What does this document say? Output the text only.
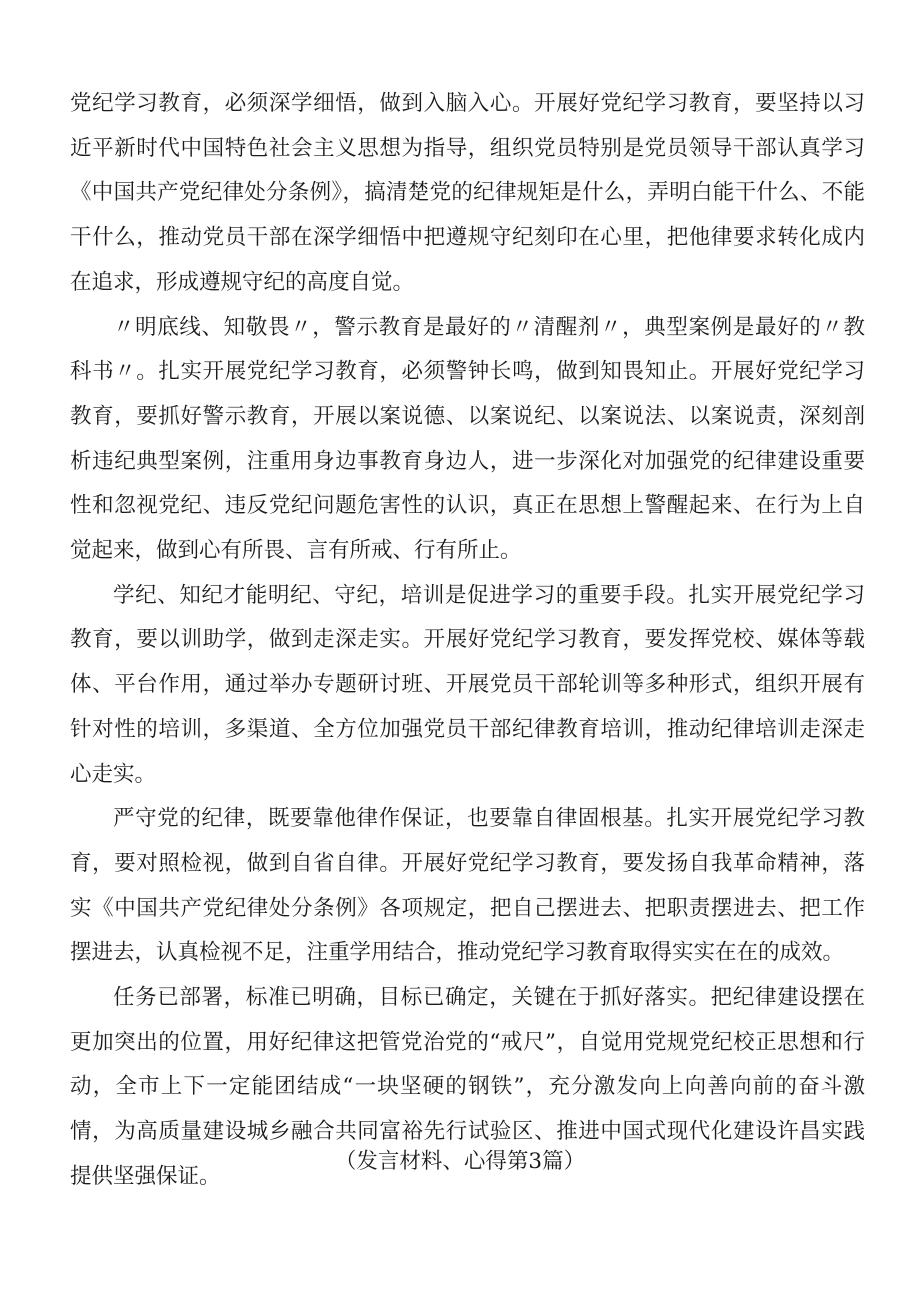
党纪学习教育，必须深学细悟，做到入脑入心。开展好党纪学习教育，要坚持以习近平新时代中国特色社会主义思想为指导，组织党员特别是党员领导干部认真学习《中国共产党纪律处分条例》，搞清楚党的纪律规矩是什么，弄明白能干什么、不能干什么，推动党员干部在深学细悟中把遵规守纪刻印在心里，把他律要求转化成内在追求，形成遵规守纪的高度自觉。

〃明底线、知敬畏〃，警示教育是最好的〃清醒剂〃，典型案例是最好的〃教科书〃。扎实开展党纪学习教育，必须警钟长鸣，做到知畏知止。开展好党纪学习教育，要抓好警示教育，开展以案说德、以案说纪、以案说法、以案说责，深刻剖析违纪典型案例，注重用身边事教育身边人，进一步深化对加强党的纪律建设重要性和忽视党纪、违反党纪问题危害性的认识，真正在思想上警醒起来、在行为上自觉起来，做到心有所畏、言有所戒、行有所止。

学纪、知纪才能明纪、守纪，培训是促进学习的重要手段。扎实开展党纪学习教育，要以训助学，做到走深走实。开展好党纪学习教育，要发挥党校、媒体等载体、平台作用，通过举办专题研讨班、开展党员干部轮训等多种形式，组织开展有针对性的培训，多渠道、全方位加强党员干部纪律教育培训，推动纪律培训走深走心走实。

严守党的纪律，既要靠他律作保证，也要靠自律固根基。扎实开展党纪学习教育，要对照检视，做到自省自律。开展好党纪学习教育，要发扬自我革命精神，落实《中国共产党纪律处分条例》各项规定，把自己摆进去、把职责摆进去、把工作摆进去，认真检视不足，注重学用结合，推动党纪学习教育取得实实在在的成效。

任务已部署，标准已明确，目标已确定，关键在于抓好落实。把纪律建设摆在更加突出的位置，用好纪律这把管党治党的“戒尺”，自觉用党规党纪校正思想和行动，全市上下一定能团结成“一块坚硬的钢铁”，充分激发向上向善向前的奋斗激情，为高质量建设城乡融合共同富裕先行试验区、推进中国式现代化建设许昌实践提供坚强保证。

（发言材料、心得第3篇）
